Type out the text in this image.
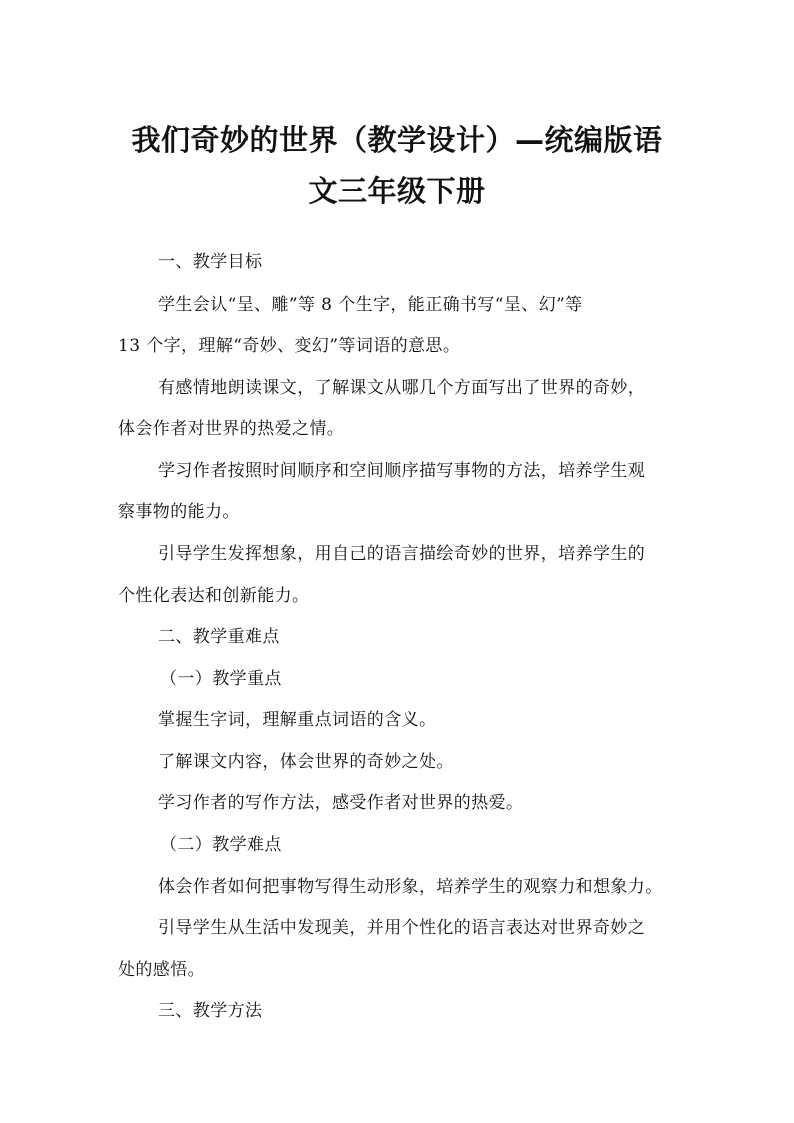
我们奇妙的世界（教学设计）—统编版语
文三年级下册
一、教学目标
学生会认“呈、雕”等 8 个生字，能正确书写“呈、幻”等
13 个字，理解“奇妙、变幻”等词语的意思。
有感情地朗读课文，了解课文从哪几个方面写出了世界的奇妙，
体会作者对世界的热爱之情。
学习作者按照时间顺序和空间顺序描写事物的方法，培养学生观
察事物的能力。
引导学生发挥想象，用自己的语言描绘奇妙的世界，培养学生的
个性化表达和创新能力。
二、教学重难点
（一）教学重点
掌握生字词，理解重点词语的含义。
了解课文内容，体会世界的奇妙之处。
学习作者的写作方法，感受作者对世界的热爱。
（二）教学难点
体会作者如何把事物写得生动形象，培养学生的观察力和想象力。
引导学生从生活中发现美，并用个性化的语言表达对世界奇妙之
处的感悟。
三、教学方法
